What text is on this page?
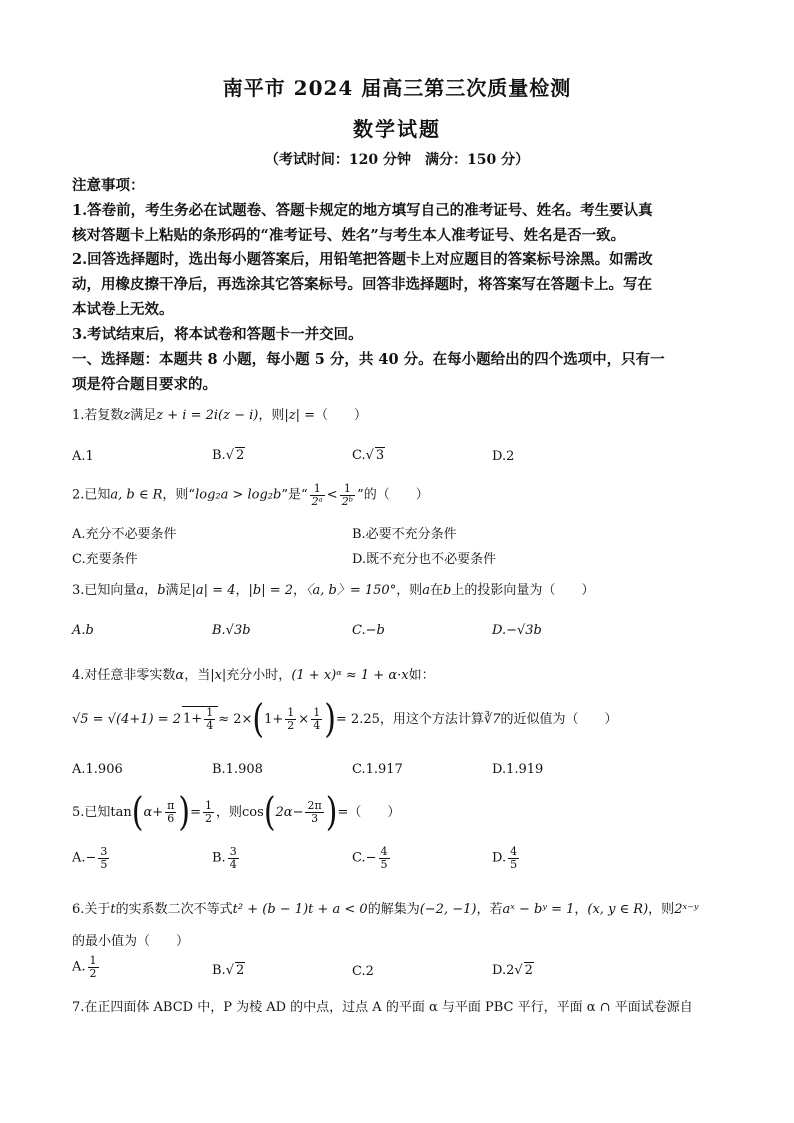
南平市 2024 届高三第三次质量检测
数学试题
（考试时间：120 分钟　满分：150 分）
注意事项：
1.答卷前，考生务必在试题卷、答题卡规定的地方填写自己的准考证号、姓名。考生要认真
核对答题卡上粘贴的条形码的“准考证号、姓名”与考生本人准考证号、姓名是否一致。
2.回答选择题时，选出每小题答案后，用铅笔把答题卡上对应题目的答案标号涂黑。如需改
动，用橡皮擦干净后，再选涂其它答案标号。回答非选择题时，将答案写在答题卡上。写在
本试卷上无效。
3.考试结束后，将本试卷和答题卡一并交回。
一、选择题：本题共 8 小题，每小题 5 分，共 40 分。在每小题给出的四个选项中，只有一
项是符合题目要求的。
1.若复数z满足z + i = 2i(z − i)，则|z| =（　　）
A.1	B.√ 2	C.√ 3	D.2
2.已知a, b ∈ R，则“log₂a > log₂b”是“ $\frac{1}{\text{2ᵃ}} < \frac{1}{\text{2ᵇ}}$ ”的（　　）
A.充分不必要条件	B.必要不充分条件
C.充要条件	D.既不充分也不必要条件
3.已知向量a，b满足|a| = 4，|b| = 2，〈a, b〉= 150°，则a在b上的投影向量为（　　）
A.b	B.√3b	C.−b	D.−√3b
4.对任意非零实数α，当|x|充分小时，(1 + x)ᵅ ≈ 1 + α·x如：
√5 = √(4+1) = 2 $1+ \frac{1}{4} \approx 2\times(1+ \frac{1}{2} \times \frac{1}{4}$ )= 2.25，用这个方法计算∛7的近似值为（　　）
A.1.906	B.1.908	C.1.917	D.1.919
5.已知$\tan(\alpha+ \frac{\pi}{6}$ )= $\frac{1}{2}$ ，则$\cos(2\alpha- \frac{2\pi}{3}$ )=（　　）
$A.- \frac{3}{5}$	B. $\frac{3}{4}$	$C.- \frac{4}{5}$	D. $\frac{4}{5}$
6.关于t的实系数二次不等式t² + (b − 1)t + a < 0的解集为(−2, −1)，若aˣ − bʸ = 1，(x, y ∈ R)，则2ˣ⁻ʸ
的最小值为（　　）
A. $\frac{1}{2}$	B.√ 2	C.2	D.2√ 2
7.在正四面体 ABCD 中，P 为棱 AD 的中点，过点 A 的平面 α 与平面 PBC 平行，平面 α ∩ 平面试卷源自
